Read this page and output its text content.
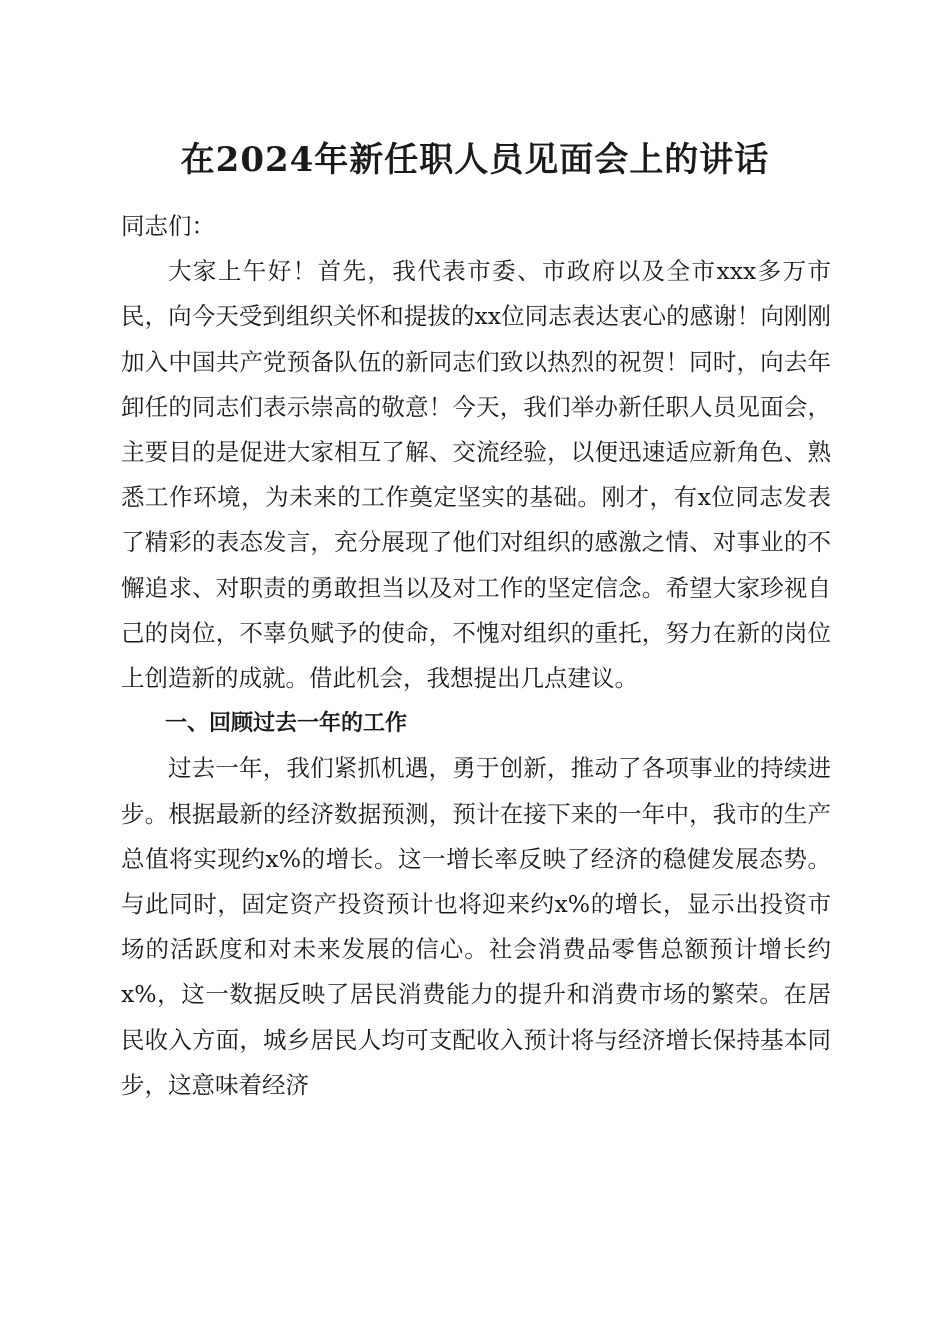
在2024年新任职人员见面会上的讲话

同志们：

大家上午好！首先，我代表市委、市政府以及全市xxx多万市民，向今天受到组织关怀和提拔的xx位同志表达衷心的感谢！向刚刚加入中国共产党预备队伍的新同志们致以热烈的祝贺！同时，向去年卸任的同志们表示崇高的敬意！今天，我们举办新任职人员见面会，主要目的是促进大家相互了解、交流经验，以便迅速适应新角色、熟悉工作环境，为未来的工作奠定坚实的基础。刚才，有x位同志发表了精彩的表态发言，充分展现了他们对组织的感激之情、对事业的不懈追求、对职责的勇敢担当以及对工作的坚定信念。希望大家珍视自己的岗位，不辜负赋予的使命，不愧对组织的重托，努力在新的岗位上创造新的成就。借此机会，我想提出几点建议。

一、回顾过去一年的工作

过去一年，我们紧抓机遇，勇于创新，推动了各项事业的持续进步。根据最新的经济数据预测，预计在接下来的一年中，我市的生产总值将实现约x%的增长。这一增长率反映了经济的稳健发展态势。与此同时，固定资产投资预计也将迎来约x%的增长，显示出投资市场的活跃度和对未来发展的信心。社会消费品零售总额预计增长约x%，这一数据反映了居民消费能力的提升和消费市场的繁荣。在居民收入方面，城乡居民人均可支配收入预计将与经济增长保持基本同步，这意味着经济
